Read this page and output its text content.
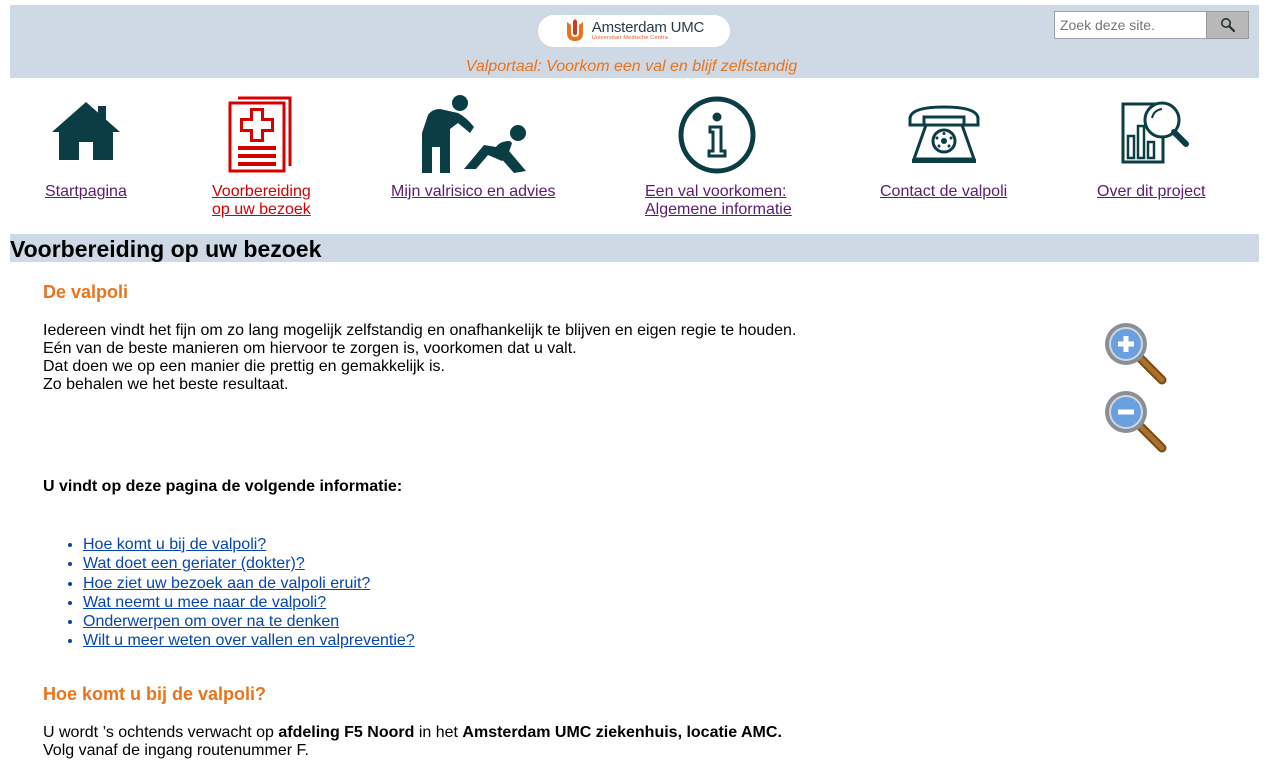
Amsterdam UMC
Universitair Medische Centra
Valportaal: Voorkom een val en blijf zelfstandig
Zoek deze site.
Startpagina	Voorbereiding
op uw bezoek
Mijn valrisico en advies	Een val voorkomen:
Algemene informatie
Contact de valpoli	Over dit project
Voorbereiding op uw bezoek
De valpoli
Iedereen vindt het fijn om zo lang mogelijk zelfstandig en onafhankelijk te blijven en eigen regie te houden.
Eén van de beste manieren om hiervoor te zorgen is, voorkomen dat u valt.
Dat doen we op een manier die prettig en gemakkelijk is.
Zo behalen we het beste resultaat.
U vindt op deze pagina de volgende informatie:
• Hoe komt u bij de valpoli?
• Wat doet een geriater (dokter)?
• Hoe ziet uw bezoek aan de valpoli eruit?
• Wat neemt u mee naar de valpoli?
• Onderwerpen om over na te denken
• Wilt u meer weten over vallen en valpreventie?
Hoe komt u bij de valpoli?
U wordt ’s ochtends verwacht op afdeling F5 Noord in het Amsterdam UMC ziekenhuis, locatie AMC.
Volg vanaf de ingang routenummer F.
